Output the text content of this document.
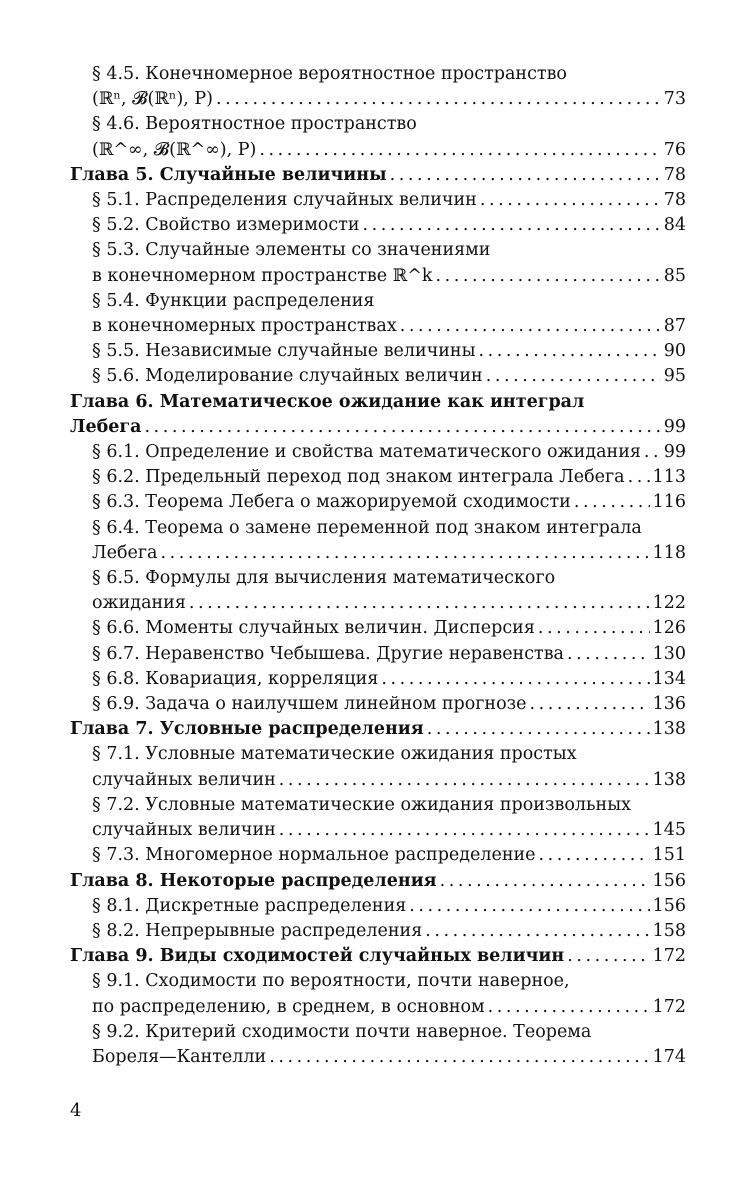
§ 4.5. Конечномерное вероятностное пространство
(ℝⁿ, 𝓑(ℝⁿ), P) . . .	73
§ 4.6. Вероятностное пространство
(ℝ^∞, 𝓑(ℝ^∞), P) . . .	76
Глава 5. Случайные величины . . .	78
§ 5.1. Распределения случайных величин . . .	78
§ 5.2. Свойство измеримости . . .	84
§ 5.3. Случайные элементы со значениями
в конечномерном пространстве ℝ^k . . .	85
§ 5.4. Функции распределения
в конечномерных пространствах . . .	87
§ 5.5. Независимые случайные величины . . .	90
§ 5.6. Моделирование случайных величин . . .	95
Глава 6. Математическое ожидание как интеграл
Лебега . . .	99
§ 6.1. Определение и свойства математического ожидания . . . 99
§ 6.2. Предельный переход под знаком интеграла Лебега . . . 113
§ 6.3. Теорема Лебега о мажорируемой сходимости . . .	116
§ 6.4. Теорема о замене переменной под знаком интеграла
Лебега . . .	118
§ 6.5. Формулы для вычисления математического
ожидания . . .	122
§ 6.6. Моменты случайных величин. Дисперсия . . .	126
§ 6.7. Неравенство Чебышева. Другие неравенства . . .	130
§ 6.8. Ковариация, корреляция . . .	134
§ 6.9. Задача о наилучшем линейном прогнозе . . .	136
Глава 7. Условные распределения . . .	138
§ 7.1. Условные математические ожидания простых
случайных величин . . .	138
§ 7.2. Условные математические ожидания произвольных
случайных величин . . .	145
§ 7.3. Многомерное нормальное распределение . . .	151
Глава 8. Некоторые распределения . . .	156
§ 8.1. Дискретные распределения . . .	156
§ 8.2. Непрерывные распределения . . .	158
Глава 9. Виды сходимостей случайных величин . . .	172
§ 9.1. Сходимости по вероятности, почти наверное,
по распределению, в среднем, в основном . . .	172
§ 9.2. Критерий сходимости почти наверное. Теорема
Бореля—Кантелли . . .	174
4
